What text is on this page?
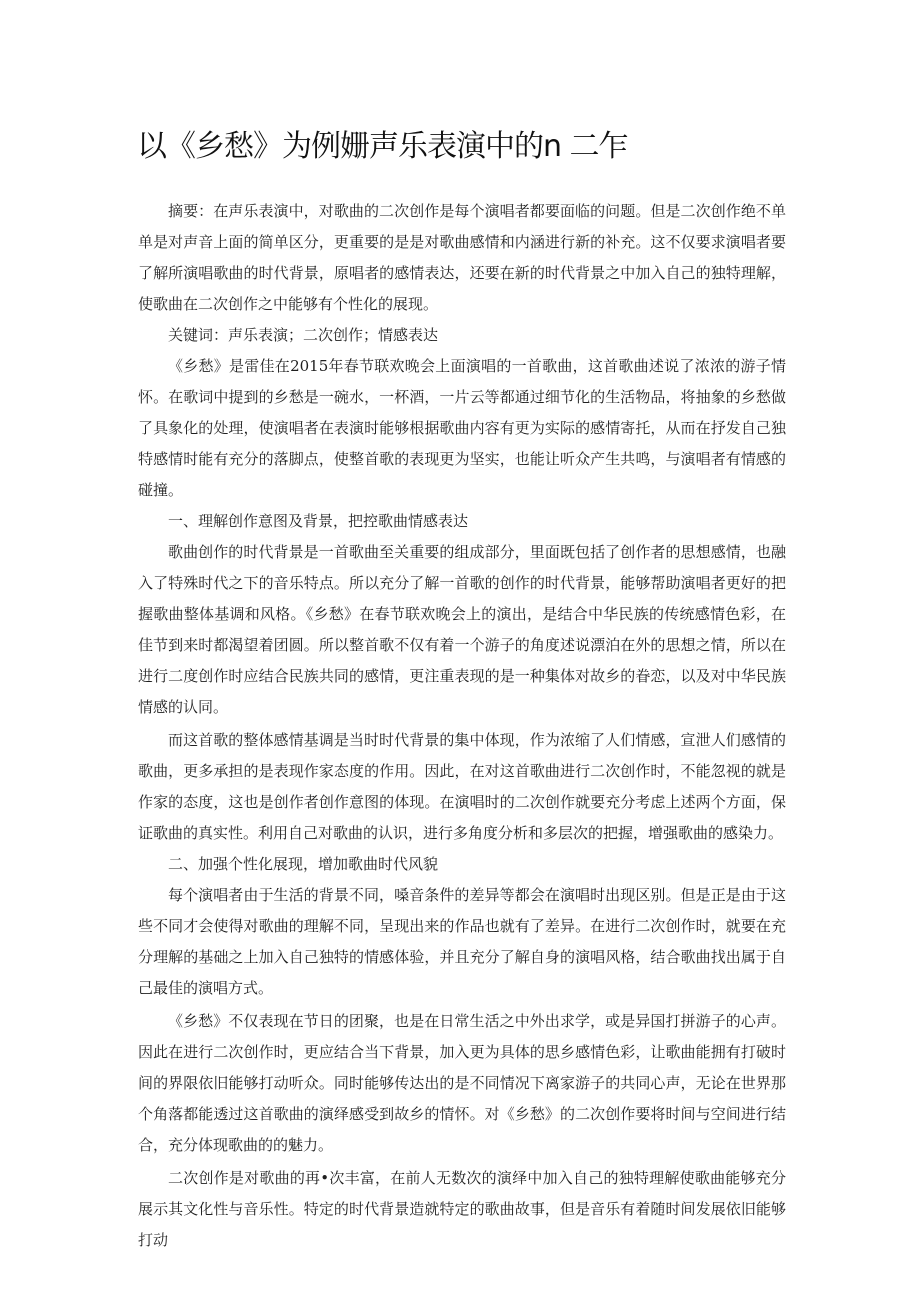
以《乡愁》为例姗声乐表演中的n 二乍

摘要：在声乐表演中，对歌曲的二次创作是每个演唱者都要面临的问题。但是二次创作绝不单单是对声音上面的简单区分，更重要的是是对歌曲感情和内涵进行新的补充。这不仅要求演唱者要了解所演唱歌曲的时代背景，原唱者的感情表达，还要在新的时代背景之中加入自己的独特理解，使歌曲在二次创作之中能够有个性化的展现。

关键词：声乐表演；二次创作；情感表达

《乡愁》是雷佳在2015年春节联欢晚会上面演唱的一首歌曲，这首歌曲述说了浓浓的游子情怀。在歌词中提到的乡愁是一碗水，一杯酒，一片云等都通过细节化的生活物品，将抽象的乡愁做了具象化的处理，使演唱者在表演时能够根据歌曲内容有更为实际的感情寄托，从而在抒发自己独特感情时能有充分的落脚点，使整首歌的表现更为坚实，也能让听众产生共鸣，与演唱者有情感的碰撞。

一、理解创作意图及背景，把控歌曲情感表达

歌曲创作的时代背景是一首歌曲至关重要的组成部分，里面既包括了创作者的思想感情，也融入了特殊时代之下的音乐特点。所以充分了解一首歌的创作的时代背景，能够帮助演唱者更好的把握歌曲整体基调和风格。《乡愁》在春节联欢晚会上的演出，是结合中华民族的传统感情色彩，在佳节到来时都渴望着团圆。所以整首歌不仅有着一个游子的角度述说漂泊在外的思想之情，所以在进行二度创作时应结合民族共同的感情，更注重表现的是一种集体对故乡的眷恋，以及对中华民族情感的认同。

而这首歌的整体感情基调是当时时代背景的集中体现，作为浓缩了人们情感，宣泄人们感情的歌曲，更多承担的是表现作家态度的作用。因此，在对这首歌曲进行二次创作时，不能忽视的就是作家的态度，这也是创作者创作意图的体现。在演唱时的二次创作就要充分考虑上述两个方面，保证歌曲的真实性。利用自己对歌曲的认识，进行多角度分析和多层次的把握，增强歌曲的感染力。

二、加强个性化展现，增加歌曲时代风貌

每个演唱者由于生活的背景不同，嗓音条件的差异等都会在演唱时出现区别。但是正是由于这些不同才会使得对歌曲的理解不同，呈现出来的作品也就有了差异。在进行二次创作时，就要在充分理解的基础之上加入自己独特的情感体验，并且充分了解自身的演唱风格，结合歌曲找出属于自己最佳的演唱方式。

《乡愁》不仅表现在节日的团聚，也是在日常生活之中外出求学，或是异国打拼游子的心声。因此在进行二次创作时，更应结合当下背景，加入更为具体的思乡感情色彩，让歌曲能拥有打破时间的界限依旧能够打动听众。同时能够传达出的是不同情况下离家游子的共同心声，无论在世界那个角落都能透过这首歌曲的演绎感受到故乡的情怀。对《乡愁》的二次创作要将时间与空间进行结合，充分体现歌曲的的魅力。

二次创作是对歌曲的再•次丰富，在前人无数次的演绎中加入自己的独特理解使歌曲能够充分展示其文化性与音乐性。特定的时代背景造就特定的歌曲故事，但是音乐有着随时间发展依旧能够打动
